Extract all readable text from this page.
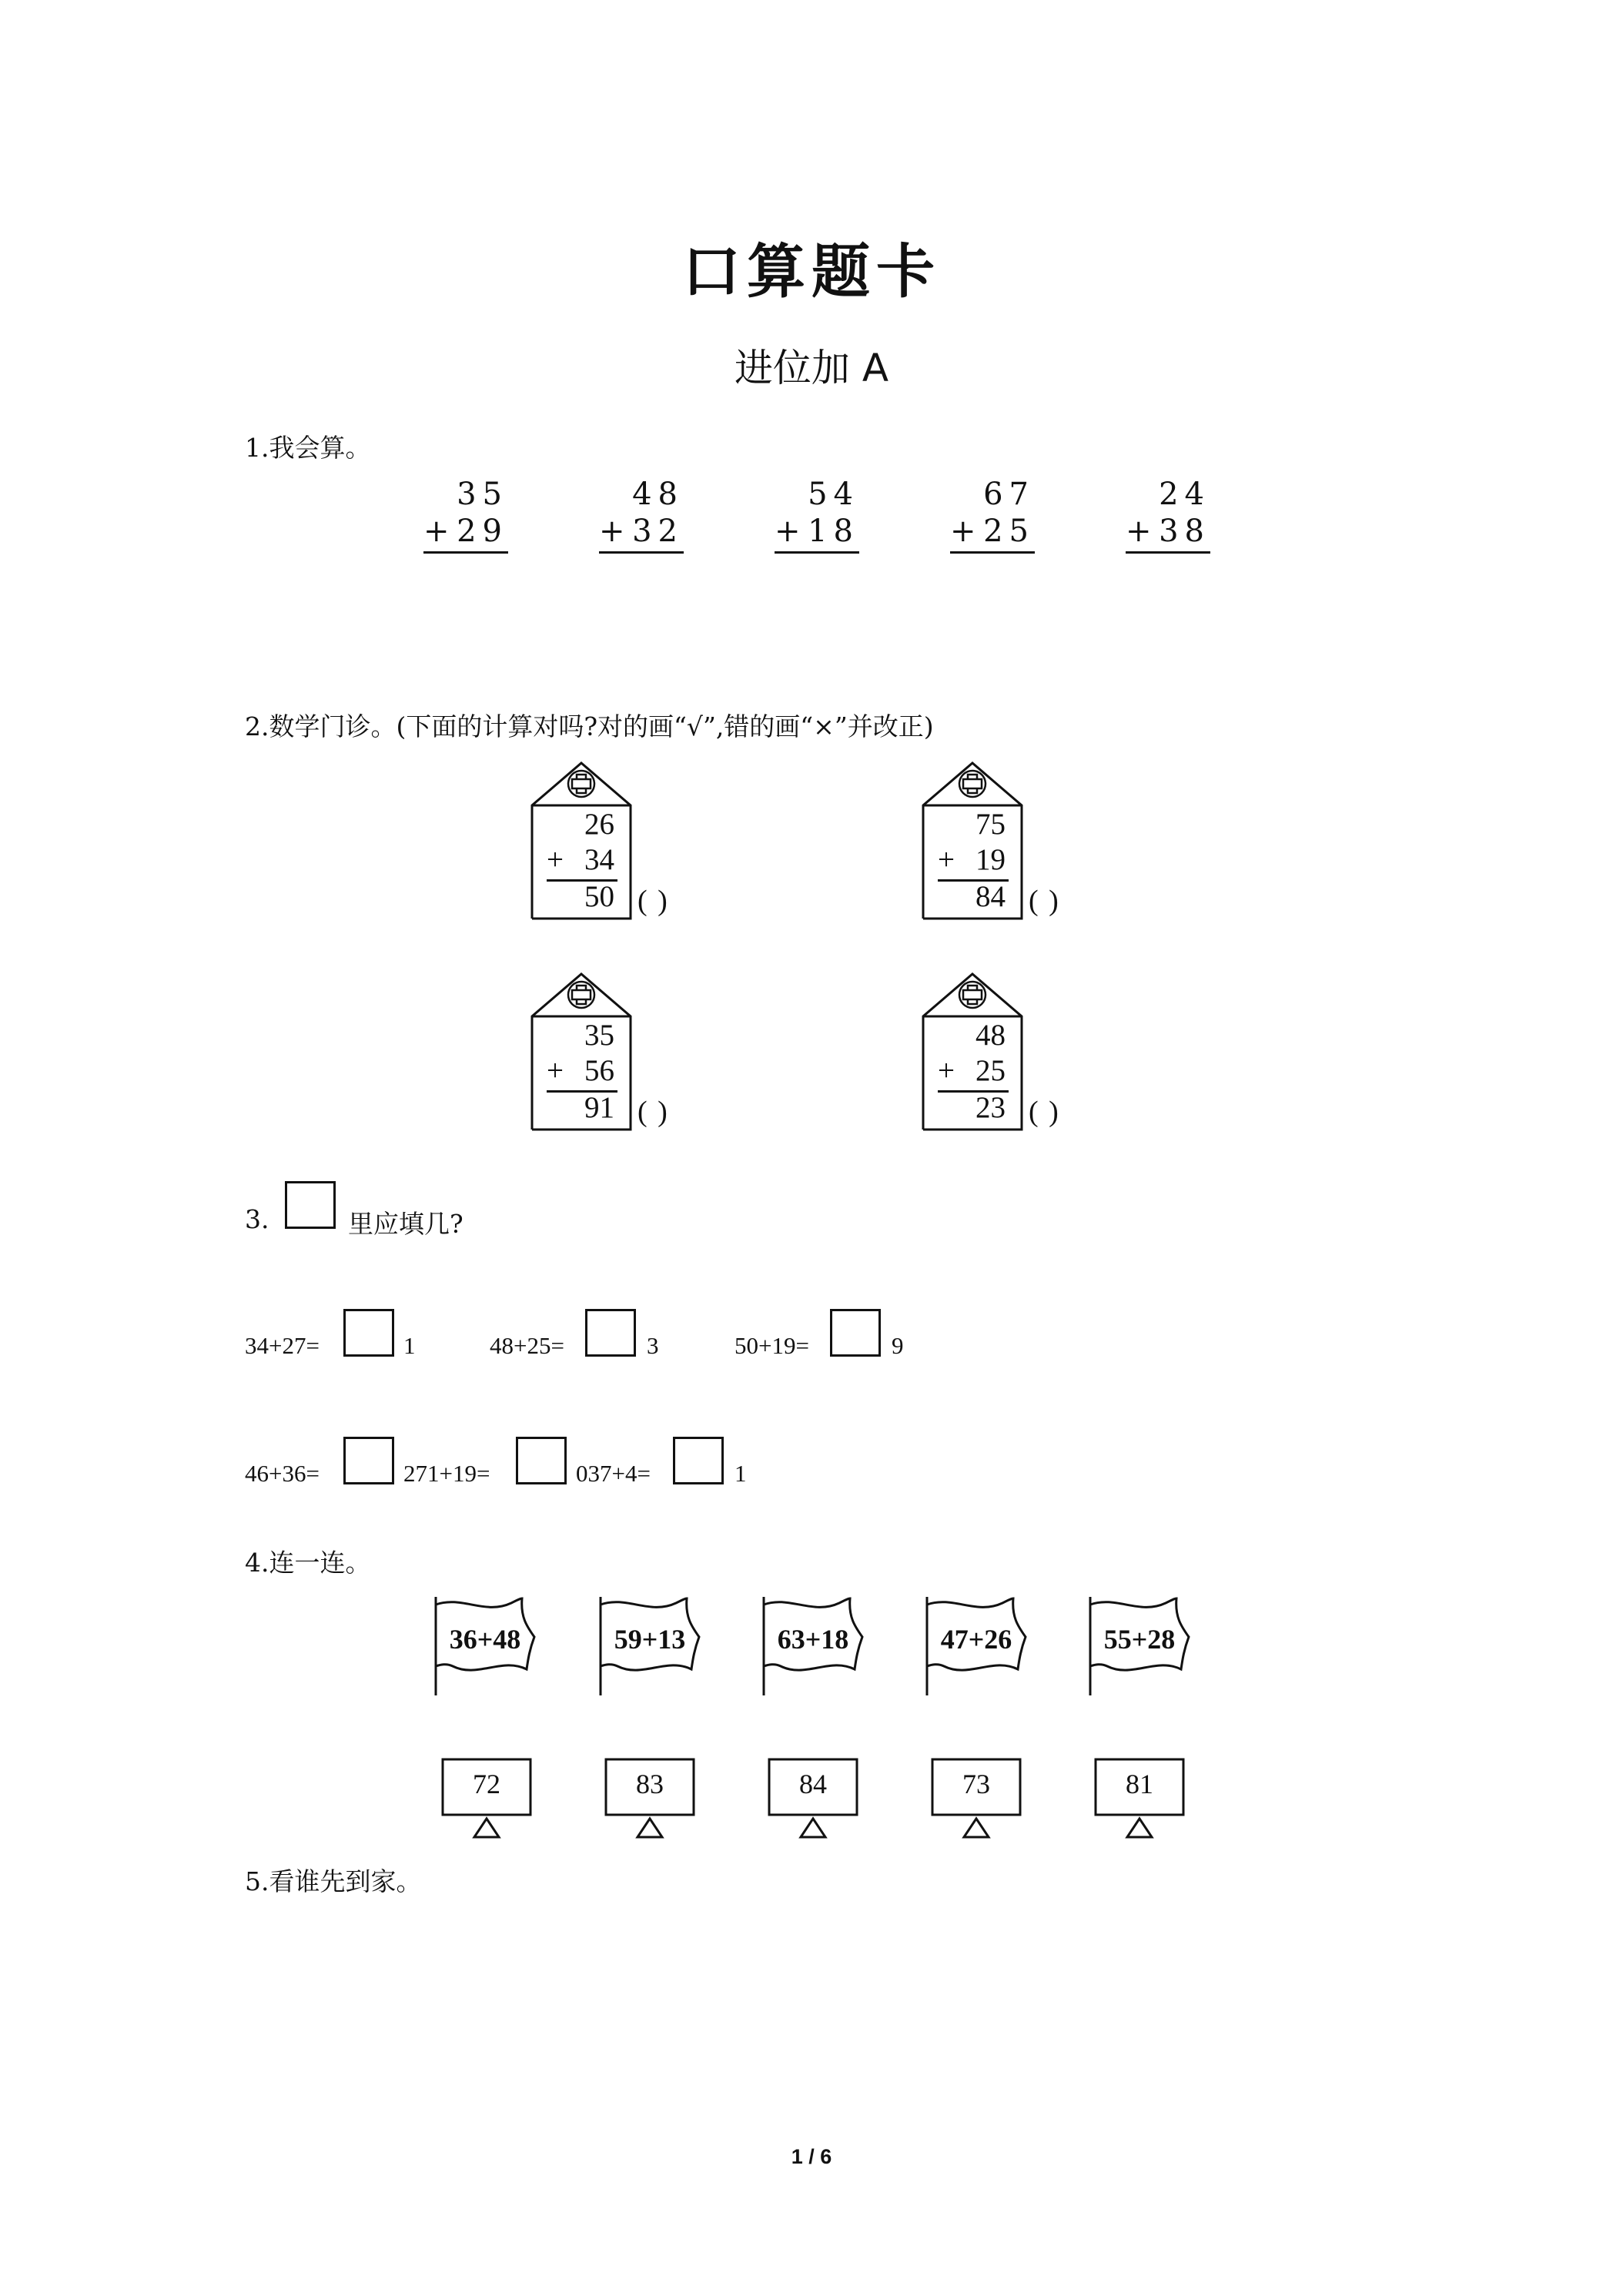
口算题卡
进位加 A
1.我会算。
35
+ 29
48
+ 32
54
+ 18
67
+ 25
24
+ 38
2.数学门诊。(下面的计算对吗?对的画“√”,错的画“×”并改正)
26
+ 34
50 ( )
75
+ 19
84 ( )
35
+ 56
91 ( )
48
+ 25
23 ( )
3.	里应填几?
34+27=	1	48+25=	3	50+19=	9
46+36=	271+19=	037+4=	1
4.连一连。
36+48	59+13	63+18	47+26	55+28
72	83	84	73	81
5.看谁先到家。
1 / 6
